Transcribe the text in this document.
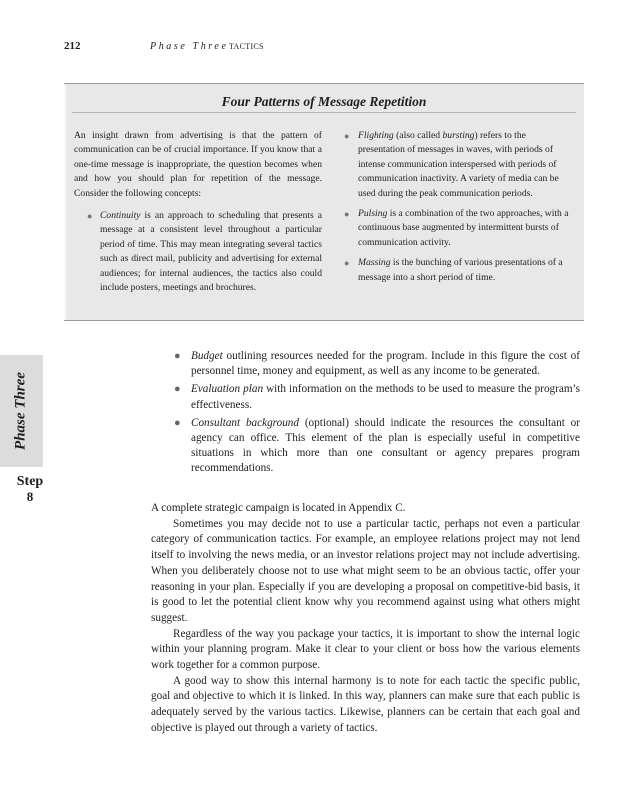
212	Phase Three TACTICS
Four Patterns of Message Repetition

An insight drawn from advertising is that the pattern of communication can be of crucial importance. If you know that a one-time message is inappropriate, the question becomes when and how you should plan for repetition of the message. Consider the following concepts:

● Continuity is an approach to scheduling that presents a message at a consistent level throughout a particular period of time. This may mean integrating several tactics such as direct mail, publicity and advertising for external audiences; for internal audiences, the tactics also could include posters, meetings and brochures.
● Flighting (also called bursting) refers to the presentation of messages in waves, with periods of intense communication interspersed with periods of communication inactivity. A variety of media can be used during the peak communication periods.
● Pulsing is a combination of the two approaches, with a continuous base augmented by intermittent bursts of communication activity.
● Massing is the bunching of various presentations of a message into a short period of time.
Phase Three
Step
8
● Budget outlining resources needed for the program. Include in this figure the cost of personnel time, money and equipment, as well as any income to be generated.
● Evaluation plan with information on the methods to be used to measure the program’s effectiveness.
● Consultant background (optional) should indicate the resources the consultant or agency can office. This element of the plan is especially useful in competitive situations in which more than one consultant or agency prepares program recommendations.

A complete strategic campaign is located in Appendix C.

Sometimes you may decide not to use a particular tactic, perhaps not even a particular category of communication tactics. For example, an employee relations project may not lend itself to involving the news media, or an investor relations project may not include advertising. When you deliberately choose not to use what might seem to be an obvious tactic, offer your reasoning in your plan. Especially if you are developing a proposal on competitive-bid basis, it is good to let the potential client know why you recommend against using what others might suggest.

Regardless of the way you package your tactics, it is important to show the internal logic within your planning program. Make it clear to your client or boss how the various elements work together for a common purpose.

A good way to show this internal harmony is to note for each tactic the specific public, goal and objective to which it is linked. In this way, planners can make sure that each public is adequately served by the various tactics. Likewise, planners can be certain that each goal and objective is played out through a variety of tactics.
